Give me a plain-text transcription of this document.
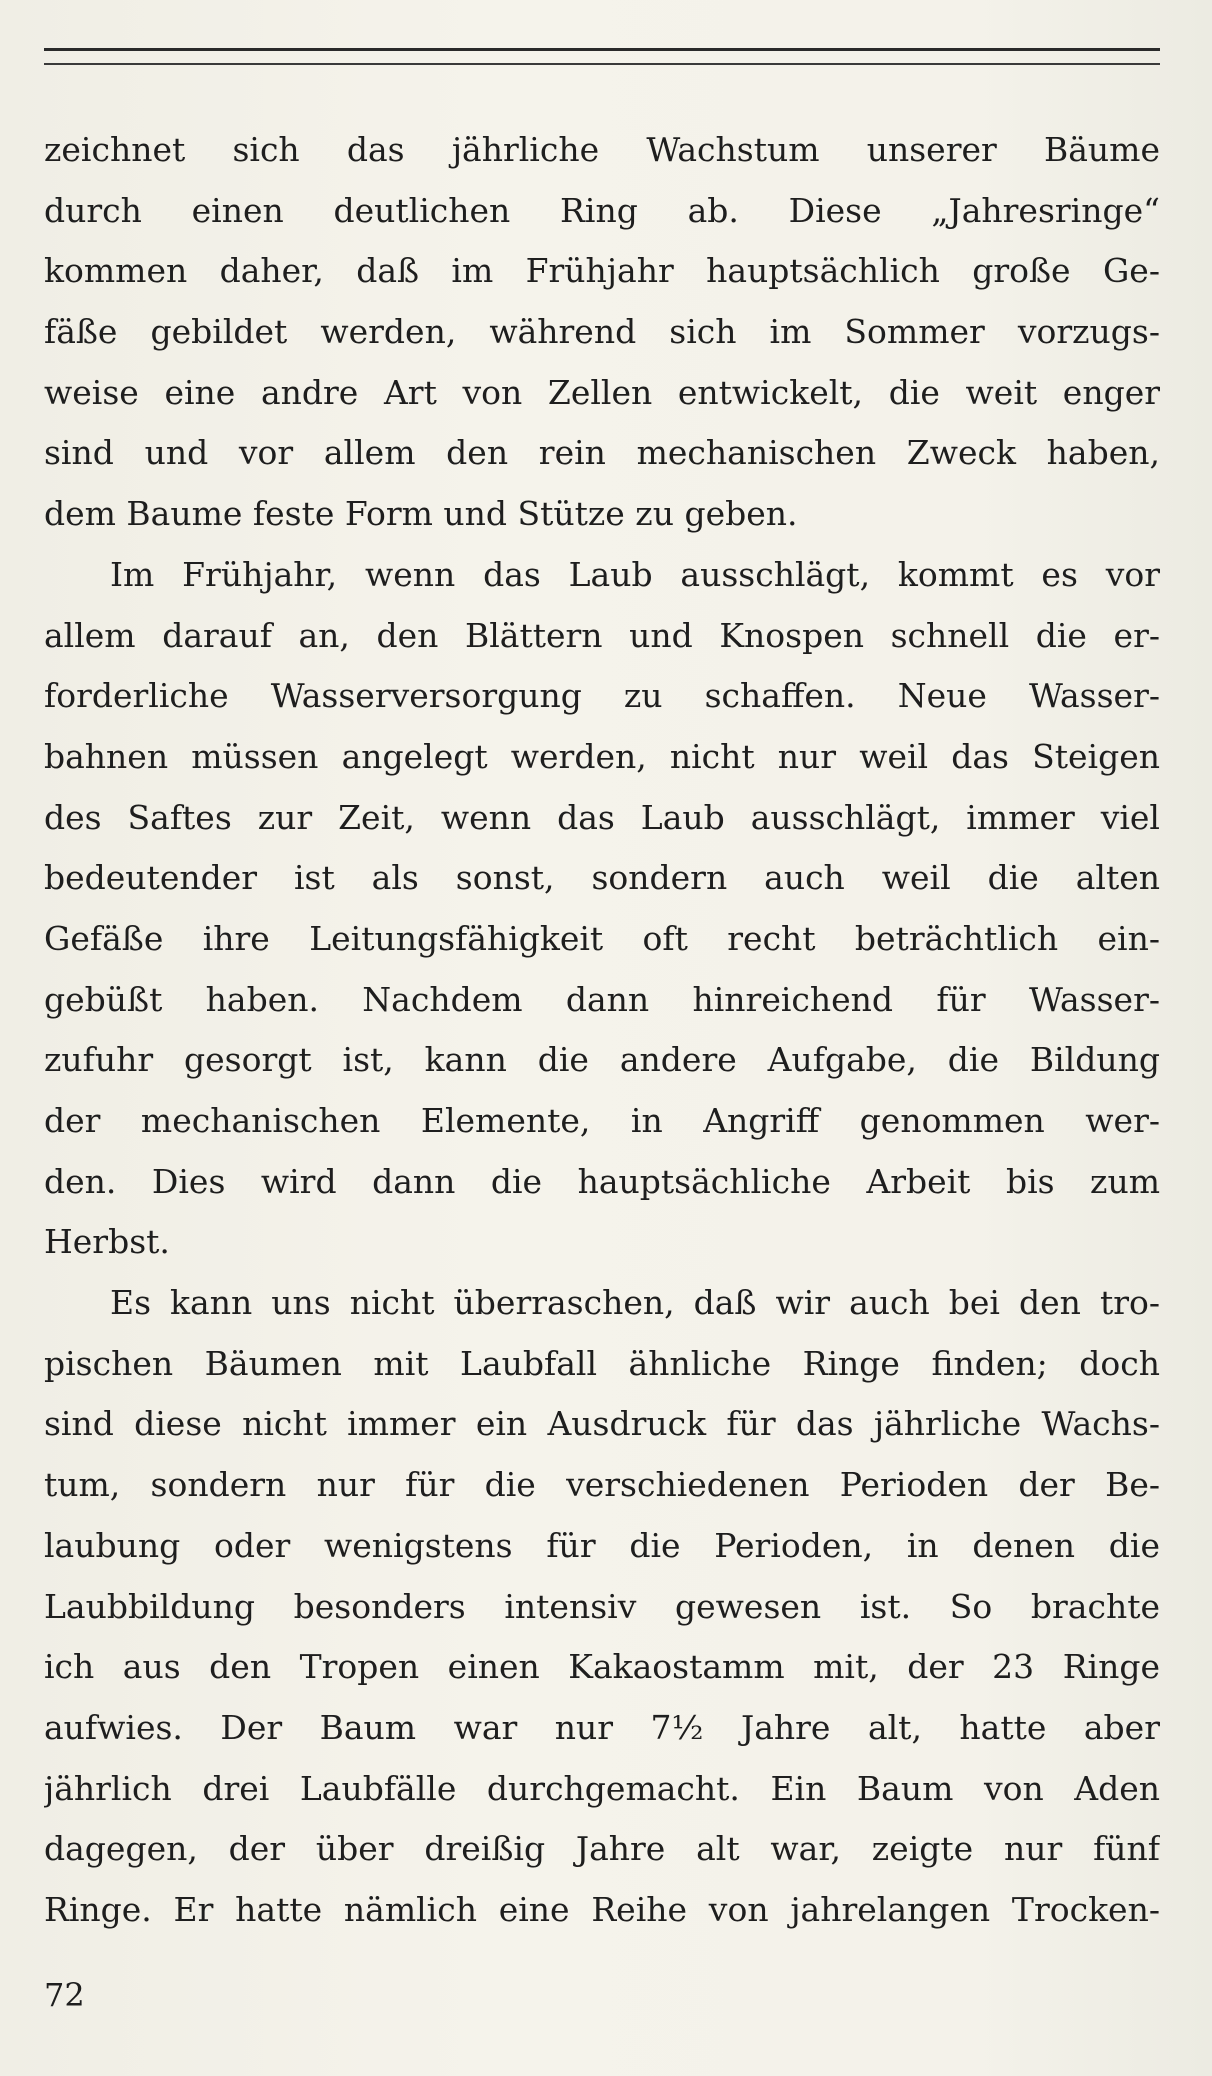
zeichnet sich das jährliche Wachstum unserer Bäume
durch einen deutlichen Ring ab. Diese „Jahresringe“
kommen daher, daß im Frühjahr hauptsächlich große Ge-
fäße gebildet werden, während sich im Sommer vorzugs-
weise eine andre Art von Zellen entwickelt, die weit enger
sind und vor allem den rein mechanischen Zweck haben,
dem Baume feste Form und Stütze zu geben.
Im Frühjahr, wenn das Laub ausschlägt, kommt es vor
allem darauf an, den Blättern und Knospen schnell die er-
forderliche Wasserversorgung zu schaffen. Neue Wasser-
bahnen müssen angelegt werden, nicht nur weil das Steigen
des Saftes zur Zeit, wenn das Laub ausschlägt, immer viel
bedeutender ist als sonst, sondern auch weil die alten
Gefäße ihre Leitungsfähigkeit oft recht beträchtlich ein-
gebüßt haben. Nachdem dann hinreichend für Wasser-
zufuhr gesorgt ist, kann die andere Aufgabe, die Bildung
der mechanischen Elemente, in Angriff genommen wer-
den. Dies wird dann die hauptsächliche Arbeit bis zum
Herbst.
Es kann uns nicht überraschen, daß wir auch bei den tro-
pischen Bäumen mit Laubfall ähnliche Ringe finden; doch
sind diese nicht immer ein Ausdruck für das jährliche Wachs-
tum, sondern nur für die verschiedenen Perioden der Be-
laubung oder wenigstens für die Perioden, in denen die
Laubbildung besonders intensiv gewesen ist. So brachte
ich aus den Tropen einen Kakaostamm mit, der 23 Ringe
aufwies. Der Baum war nur 7½ Jahre alt, hatte aber
jährlich drei Laubfälle durchgemacht. Ein Baum von Aden
dagegen, der über dreißig Jahre alt war, zeigte nur fünf
Ringe. Er hatte nämlich eine Reihe von jahrelangen Trocken-
72
